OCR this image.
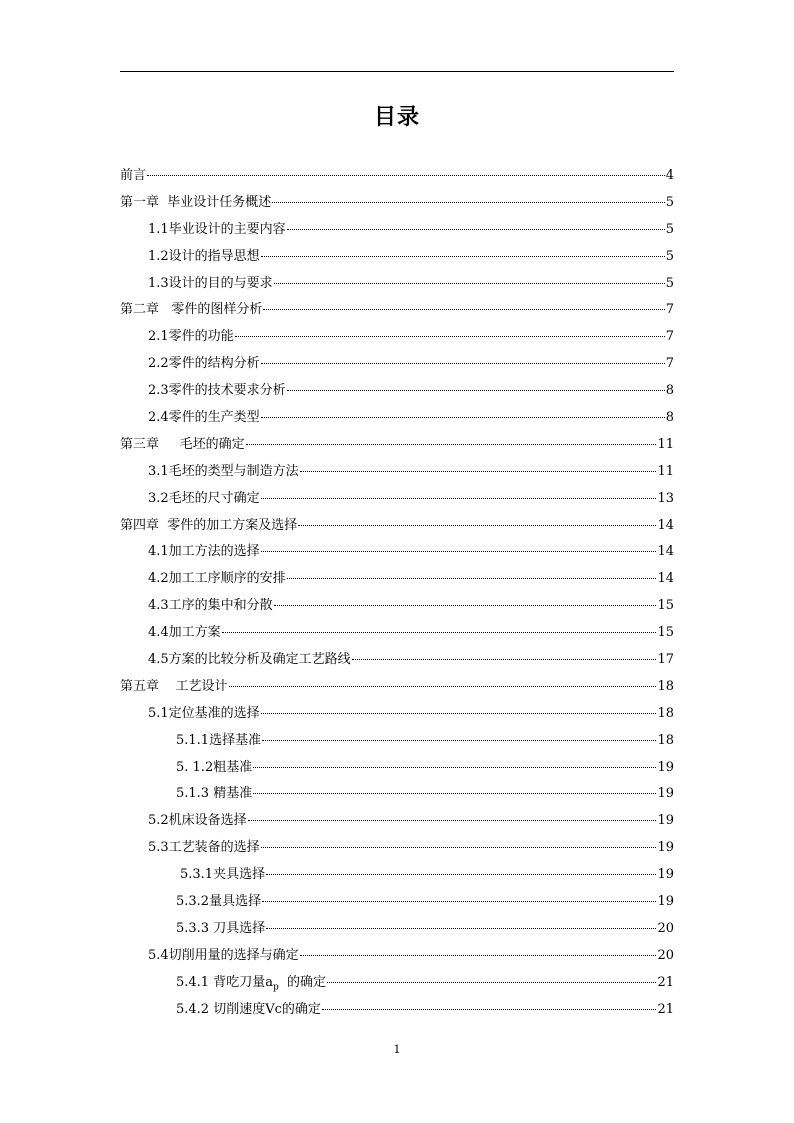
目录
前言	4
第一章  毕业设计任务概述	5
1.1毕业设计的主要内容	5
1.2设计的指导思想	5
1.3设计的目的与要求	5
第二章   零件的图样分析	7
2.1零件的功能	7
2.2零件的结构分析	7
2.3零件的技术要求分析	8
2.4零件的生产类型	8
第三章     毛坯的确定	11
3.1毛坯的类型与制造方法	11
3.2毛坯的尺寸确定	13
第四章  零件的加工方案及选择	14
4.1加工方法的选择	14
4.2加工工序顺序的安排	14
4.3工序的集中和分散	15
4.4加工方案	15
4.5方案的比较分析及确定工艺路线	17
第五章    工艺设计	18
5.1定位基准的选择	18
5.1.1选择基准	18
5. 1.2粗基准	19
5.1.3 精基准	19
5.2机床设备选择	19
5.3工艺装备的选择	19
5.3.1夹具选择	19
5.3.2量具选择	19
5.3.3 刀具选择	20
5.4切削用量的选择与确定	20
5.4.1 背吃刀量$a_p$  的确定	21
5.4.2 切削速度Vc的确定	21
1
